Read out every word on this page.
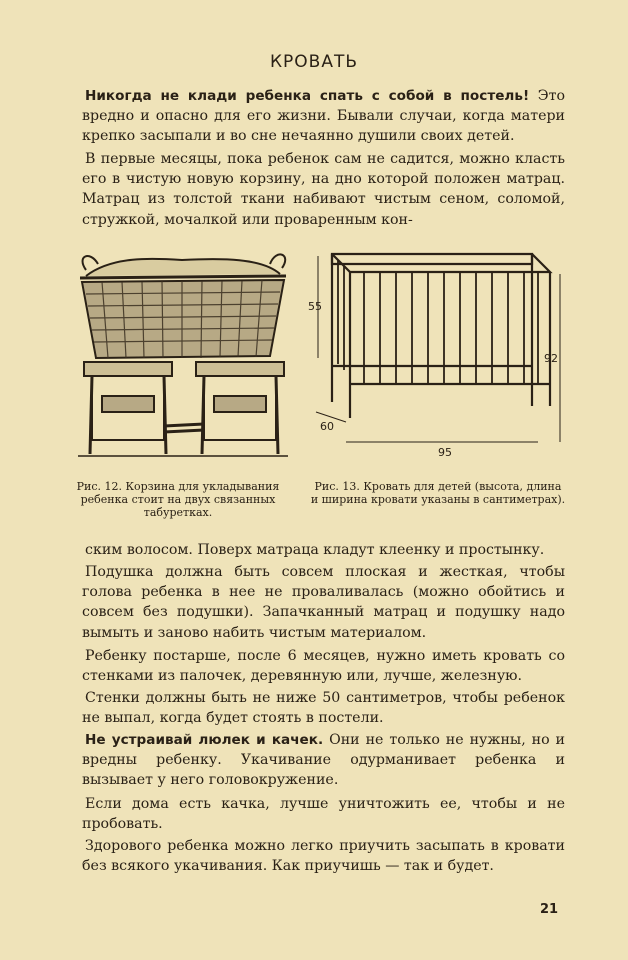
КРОВАТЬ

Никогда не клади ребенка спать с собой в постель! Это вредно и опасно для его жизни. Бывали случаи, когда матери крепко засыпали и во сне нечаянно душили своих детей.

В первые месяцы, пока ребенок сам не садится, можно класть его в чистую новую корзину, на дно которой положен матрац. Матрац из толстой ткани набивают чистым сеном, соломой, стружкой, мочалкой или проваренным кон-

55
92
60
95

Рис. 12. Корзина для укладывания ребенка стоит на двух связанных табуретках.

Рис. 13. Кровать для детей (высота, длина и ширина кровати указаны в сантиметрах).

ским волосом. Поверх матраца кладут клеенку и простынку.

Подушка должна быть совсем плоская и жесткая, чтобы голова ребенка в нее не проваливалась (можно обойтись и совсем без подушки). Запачканный матрац и подушку надо вымыть и заново набить чистым материалом.

Ребенку постарше, после 6 месяцев, нужно иметь кровать со стенками из палочек, деревянную или, лучше, железную.

Стенки должны быть не ниже 50 сантиметров, чтобы ребенок не выпал, когда будет стоять в постели.

Не устраивай люлек и качек. Они не только не нужны, но и вредны ребенку. Укачивание одурманивает ребенка и вызывает у него головокружение.

Если дома есть качка, лучше уничтожить ее, чтобы и не пробовать.

Здорового ребенка можно легко приучить засыпать в кровати без всякого укачивания. Как приучишь — так и будет.

21
